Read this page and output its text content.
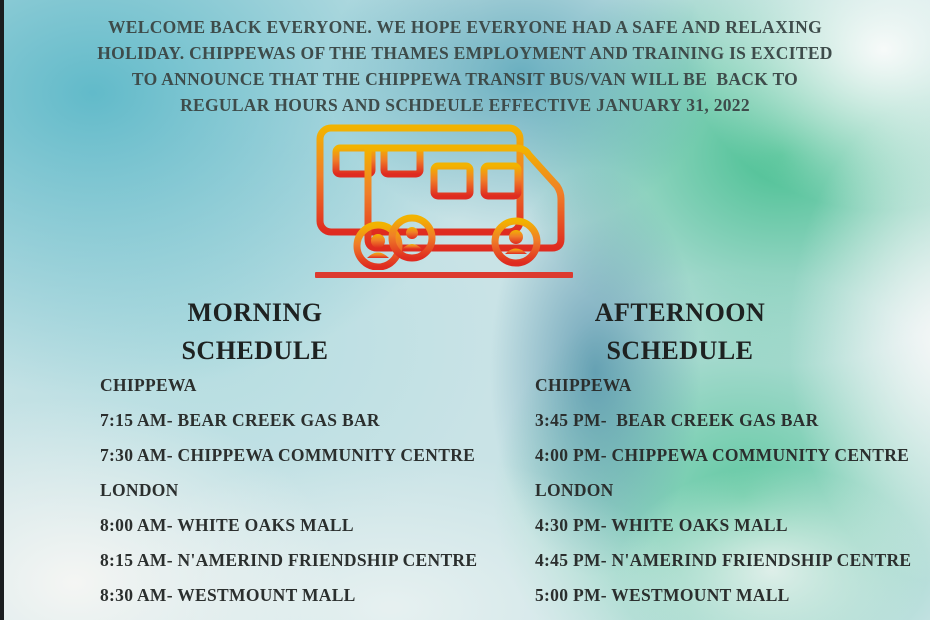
WELCOME BACK EVERYONE. WE HOPE EVERYONE HAD A SAFE AND RELAXING
HOLIDAY. CHIPPEWAS OF THE THAMES EMPLOYMENT AND TRAINING IS EXCITED
TO ANNOUNCE THAT THE CHIPPEWA TRANSIT BUS/VAN WILL BE  BACK TO
REGULAR HOURS AND SCHDEULE EFFECTIVE JANUARY 31, 2022
MORNING
SCHEDULE
AFTERNOON
SCHEDULE
CHIPPEWA
7:15 AM- BEAR CREEK GAS BAR
7:30 AM- CHIPPEWA COMMUNITY CENTRE
LONDON
8:00 AM- WHITE OAKS MALL
8:15 AM- N'AMERIND FRIENDSHIP CENTRE
8:30 AM- WESTMOUNT MALL
CHIPPEWA
3:45 PM-  BEAR CREEK GAS BAR
4:00 PM- CHIPPEWA COMMUNITY CENTRE
LONDON
4:30 PM- WHITE OAKS MALL
4:45 PM- N'AMERIND FRIENDSHIP CENTRE
5:00 PM- WESTMOUNT MALL
